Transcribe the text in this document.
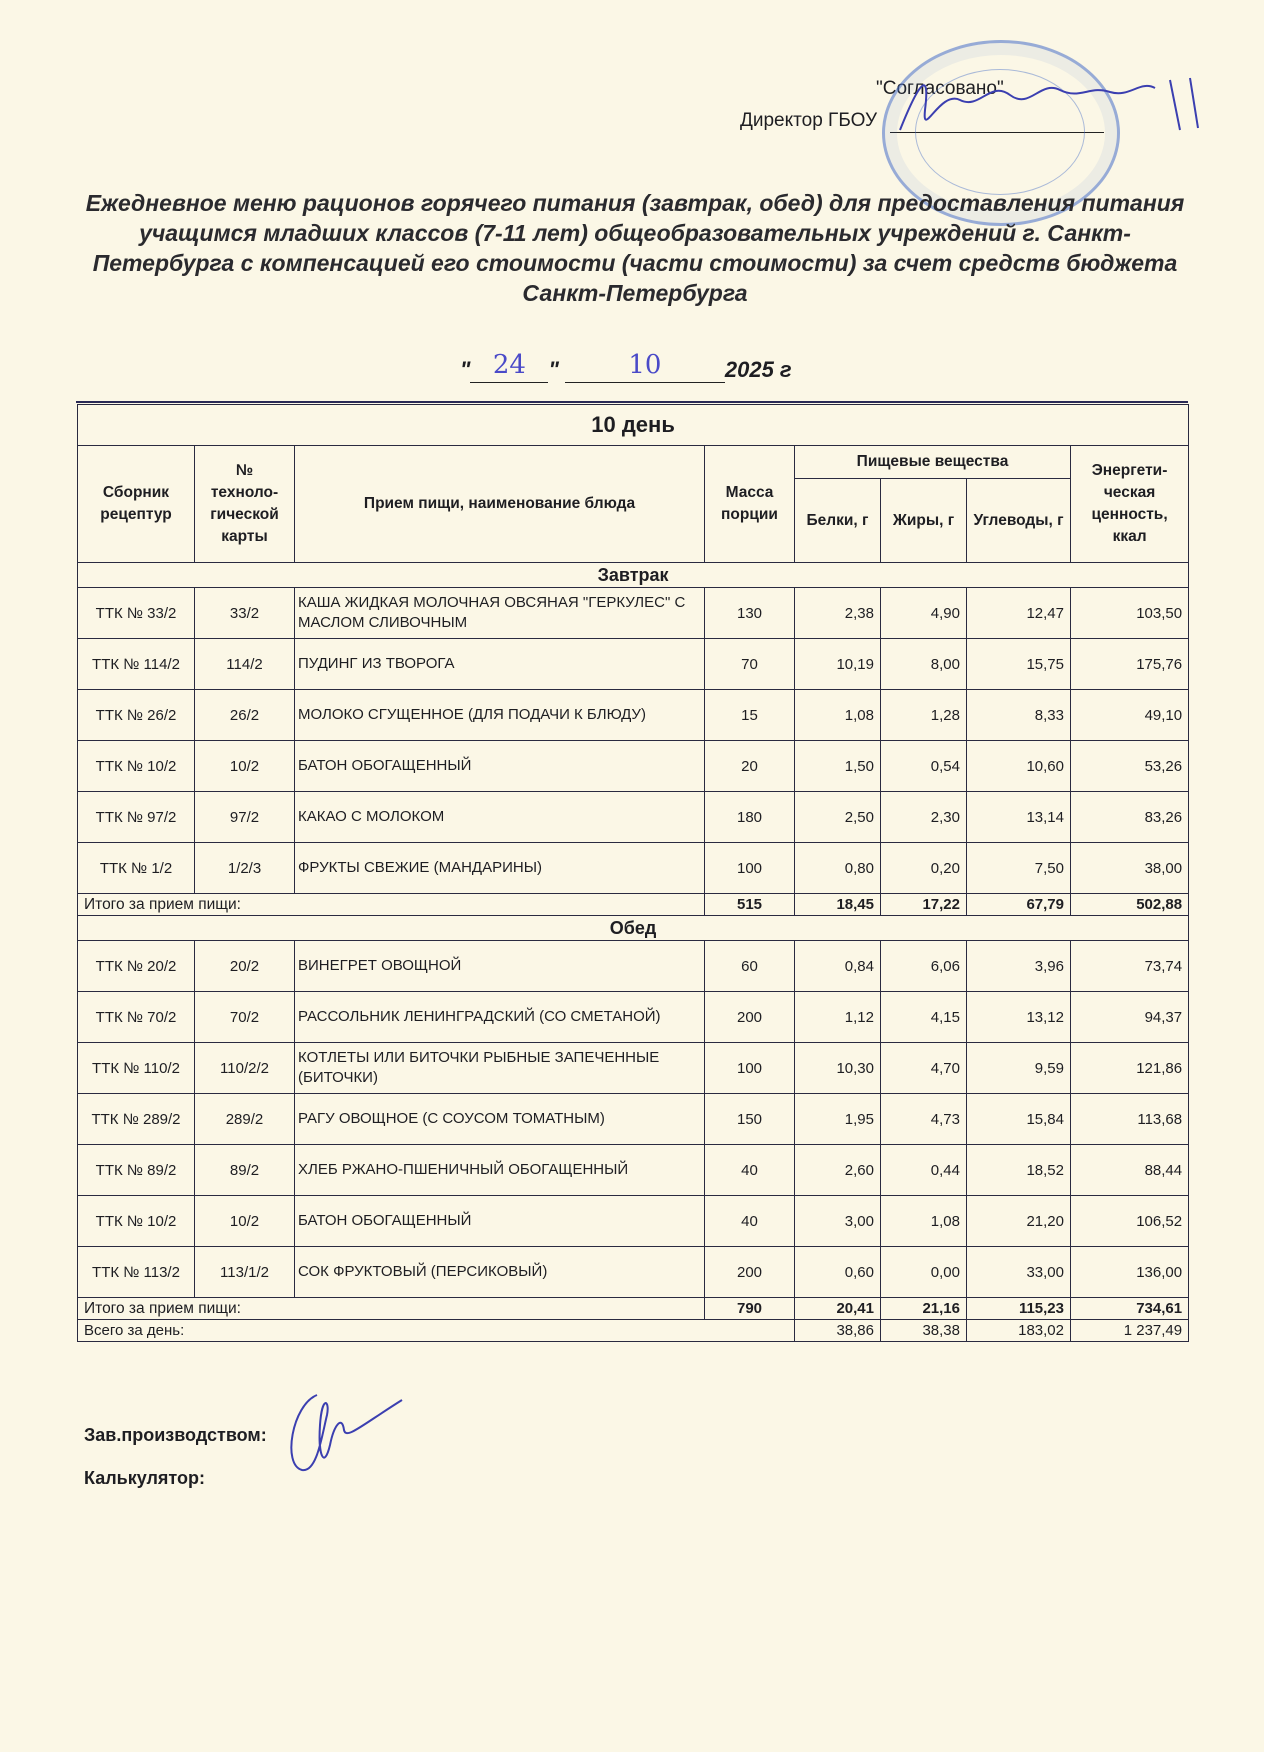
"Согласовано"
Директор ГБОУ
Ежедневное меню рационов горячего питания (завтрак, обед) для предоставления питания учащимся младших классов (7-11 лет) общеобразовательных учреждений г. Санкт-Петербурга с компенсацией его стоимости (части стоимости) за счет средств бюджета Санкт-Петербурга
" 24	"	10	2025 г
10 день							
Сборник рецептур	№ техноло-гической карты	Прием пищи, наименование блюда	Масса порции	Пищевые вещества			Энергети-ческая ценность, ккал
				Белки, г	Жиры, г	Углеводы, г	
Завтрак							
ТТК № 33/2	33/2	КАША ЖИДКАЯ МОЛОЧНАЯ ОВСЯНАЯ "ГЕРКУЛЕС" С МАСЛОМ СЛИВОЧНЫМ	130	2,38	4,90	12,47	103,50
ТТК № 114/2	114/2	ПУДИНГ ИЗ ТВОРОГА	70	10,19	8,00	15,75	175,76
ТТК № 26/2	26/2	МОЛОКО СГУЩЕННОЕ (ДЛЯ ПОДАЧИ К БЛЮДУ)	15	1,08	1,28	8,33	49,10
ТТК № 10/2	10/2	БАТОН ОБОГАЩЕННЫЙ	20	1,50	0,54	10,60	53,26
ТТК № 97/2	97/2	КАКАО С МОЛОКОМ	180	2,50	2,30	13,14	83,26
ТТК № 1/2	1/2/3	ФРУКТЫ СВЕЖИЕ (МАНДАРИНЫ)	100	0,80	0,20	7,50	38,00
Итого за прием пищи:			515	18,45	17,22	67,79	502,88
Обед							
ТТК № 20/2	20/2	ВИНЕГРЕТ ОВОЩНОЙ	60	0,84	6,06	3,96	73,74
ТТК № 70/2	70/2	РАССОЛЬНИК ЛЕНИНГРАДСКИЙ (СО СМЕТАНОЙ)	200	1,12	4,15	13,12	94,37
ТТК № 110/2	110/2/2	КОТЛЕТЫ ИЛИ БИТОЧКИ РЫБНЫЕ ЗАПЕЧЕННЫЕ (БИТОЧКИ)	100	10,30	4,70	9,59	121,86
ТТК № 289/2	289/2	РАГУ ОВОЩНОЕ (С СОУСОМ ТОМАТНЫМ)	150	1,95	4,73	15,84	113,68
ТТК № 89/2	89/2	ХЛЕБ РЖАНО-ПШЕНИЧНЫЙ ОБОГАЩЕННЫЙ	40	2,60	0,44	18,52	88,44
ТТК № 10/2	10/2	БАТОН ОБОГАЩЕННЫЙ	40	3,00	1,08	21,20	106,52
ТТК № 113/2	113/1/2	СОК ФРУКТОВЫЙ (ПЕРСИКОВЫЙ)	200	0,60	0,00	33,00	136,00
Итого за прием пищи:			790	20,41	21,16	115,23	734,61
Всего за день:				38,86	38,38	183,02	1 237,49
Зав.производством:
Калькулятор:
